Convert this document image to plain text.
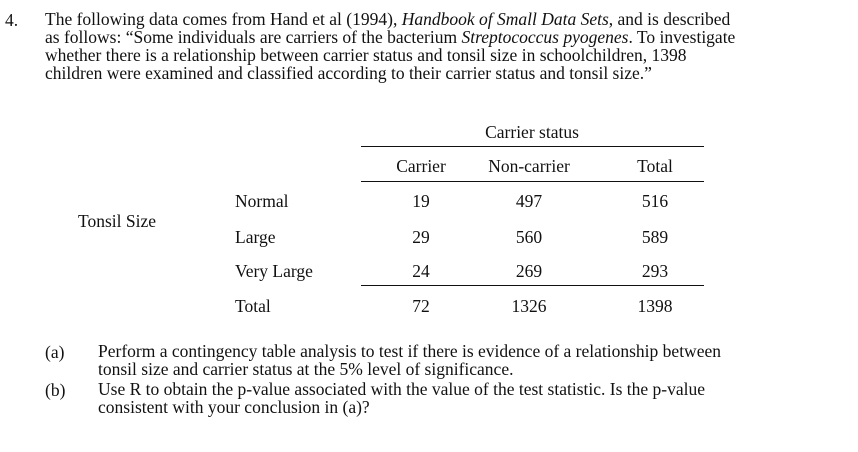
4. The following data comes from Hand et al (1994), Handbook of Small Data Sets, and is described
as follows: “Some individuals are carriers of the bacterium Streptococcus pyogenes. To investigate
whether there is a relationship between carrier status and tonsil size in schoolchildren, 1398
children were examined and classified according to their carrier status and tonsil size.”
Carrier status
Carrier	Non-carrier	Total
Tonsil Size
Normal	19	497	516
Large	29	560	589
Very Large	24	269	293
Total	72	1326	1398
(a) Perform a contingency table analysis to test if there is evidence of a relationship between
tonsil size and carrier status at the 5% level of significance.
(b) Use R to obtain the p-value associated with the value of the test statistic. Is the p-value
consistent with your conclusion in (a)?
